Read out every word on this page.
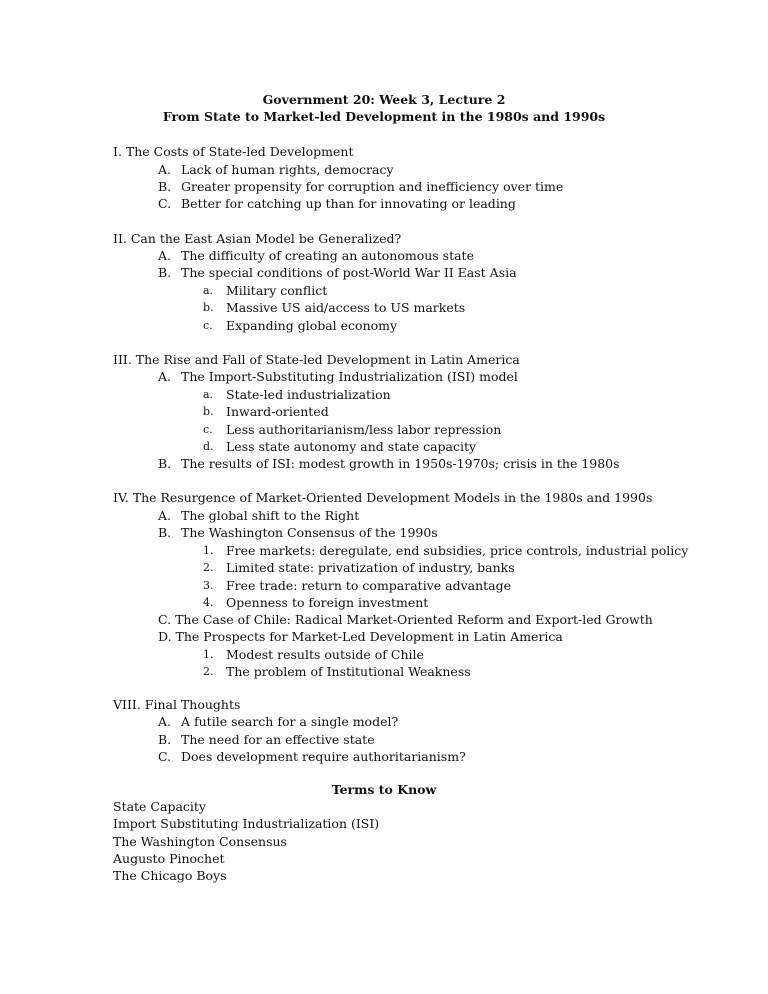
Government 20: Week 3, Lecture 2
From State to Market-led Development in the 1980s and 1990s
I. The Costs of State-led Development
A. Lack of human rights, democracy
B. Greater propensity for corruption and inefficiency over time
C. Better for catching up than for innovating or leading
II. Can the East Asian Model be Generalized?
A. The difficulty of creating an autonomous state
B. The special conditions of post-World War II East Asia
a. Military conflict
b. Massive US aid/access to US markets
c. Expanding global economy
III. The Rise and Fall of State-led Development in Latin America
A. The Import-Substituting Industrialization (ISI) model
a. State-led industrialization
b. Inward-oriented
c. Less authoritarianism/less labor repression
d. Less state autonomy and state capacity
B. The results of ISI: modest growth in 1950s-1970s; crisis in the 1980s
IV. The Resurgence of Market-Oriented Development Models in the 1980s and 1990s
A. The global shift to the Right
B. The Washington Consensus of the 1990s
1. Free markets: deregulate, end subsidies, price controls, industrial policy
2. Limited state: privatization of industry, banks
3. Free trade: return to comparative advantage
4. Openness to foreign investment
C. The Case of Chile: Radical Market-Oriented Reform and Export-led Growth
D. The Prospects for Market-Led Development in Latin America
1. Modest results outside of Chile
2. The problem of Institutional Weakness
VIII. Final Thoughts
A. A futile search for a single model?
B. The need for an effective state
C. Does development require authoritarianism?
Terms to Know
State Capacity
Import Substituting Industrialization (ISI)
The Washington Consensus
Augusto Pinochet
The Chicago Boys
